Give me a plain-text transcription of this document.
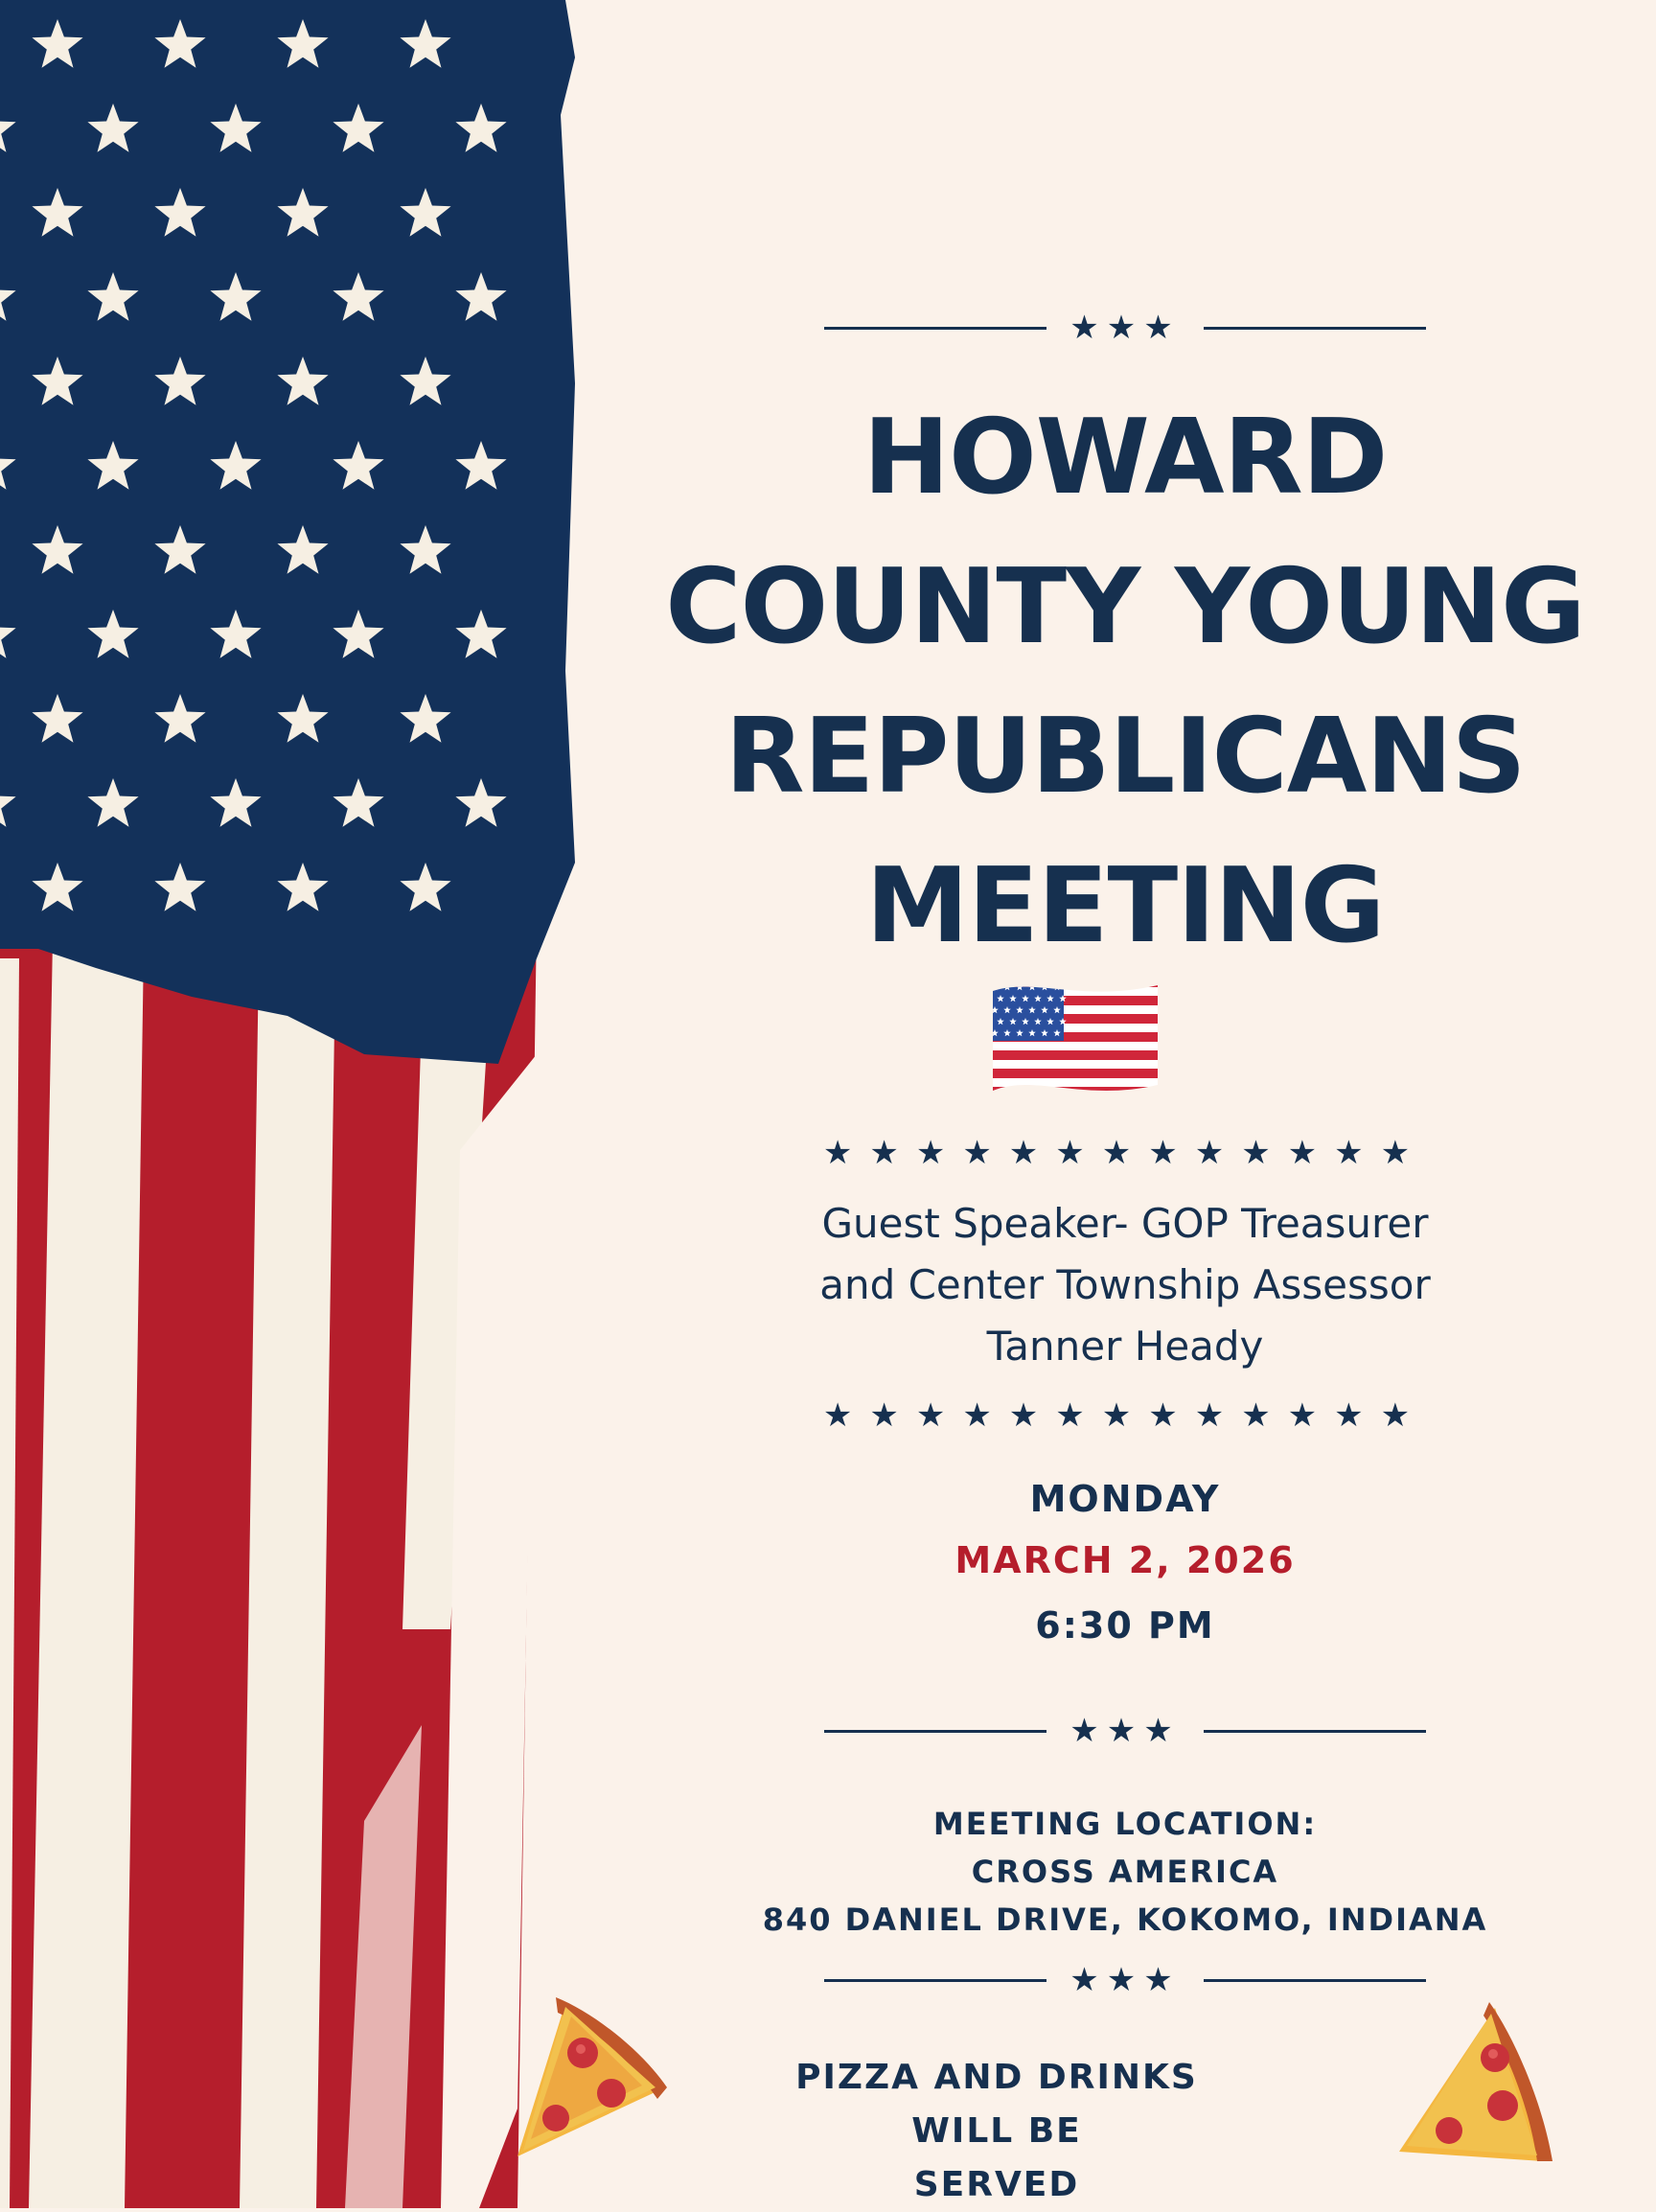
★★★
HOWARD
COUNTY YOUNG
REPUBLICANS
MEETING
★★★★★★★★★★★★★
Guest Speaker- GOP Treasurer
and Center Township Assessor
Tanner Heady
★★★★★★★★★★★★★
MONDAY
MARCH 2, 2026
6:30 PM
★★★
MEETING LOCATION:
CROSS AMERICA
840 DANIEL DRIVE, KOKOMO, INDIANA
★★★
PIZZA AND DRINKS WILL BE
SERVED
